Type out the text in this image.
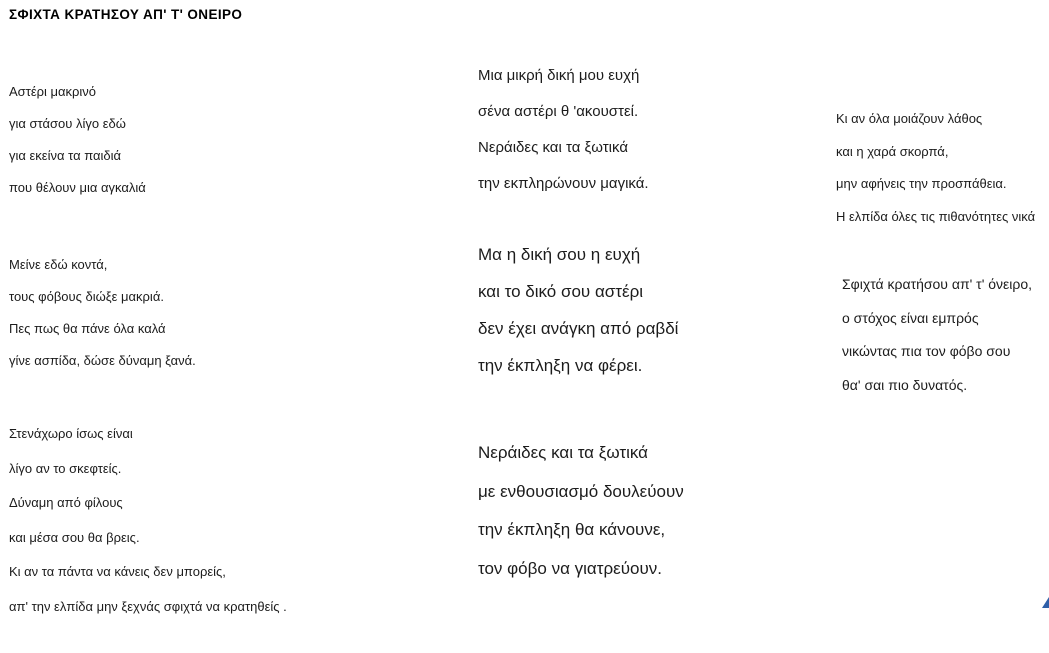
ΣΦΙΧΤΑ ΚΡΑΤΗΣΟΥ ΑΠ' Τ' ΟΝΕΙΡΟ

Αστέρι μακρινό

για στάσου λίγο εδώ

για εκείνα τα παιδιά

που θέλουν μια αγκαλιά

Μείνε εδώ κοντά,

τους φόβους διώξε μακριά.

Πες πως θα πάνε όλα καλά

γίνε ασπίδα, δώσε δύναμη ξανά.

Στενάχωρο ίσως είναι

λίγο αν το σκεφτείς.

Δύναμη από φίλους

και μέσα σου θα βρεις.

Κι αν τα πάντα να κάνεις δεν μπορείς,

απ' την ελπίδα μην ξεχνάς σφιχτά να κρατηθείς .

Μια μικρή δική μου ευχή

σένα αστέρι θ 'ακουστεί.

Νεράιδες και τα ξωτικά

την εκπληρώνουν μαγικά.

Μα η δική σου η ευχή

και το δικό σου αστέρι

δεν έχει ανάγκη από ραβδί

την έκπληξη να φέρει.

Νεράιδες και τα ξωτικά

με ενθουσιασμό δουλεύουν

την έκπληξη θα κάνουνε,

τον φόβο να γιατρεύουν.

Κι αν όλα μοιάζουν λάθος

και η χαρά σκορπά,

μην αφήνεις την προσπάθεια.

Η ελπίδα όλες τις πιθανότητες νικά

Σφιχτά κρατήσου απ' τ' όνειρο,

ο στόχος είναι εμπρός

νικώντας πια τον φόβο σου

θα' σαι πιο δυνατός.
